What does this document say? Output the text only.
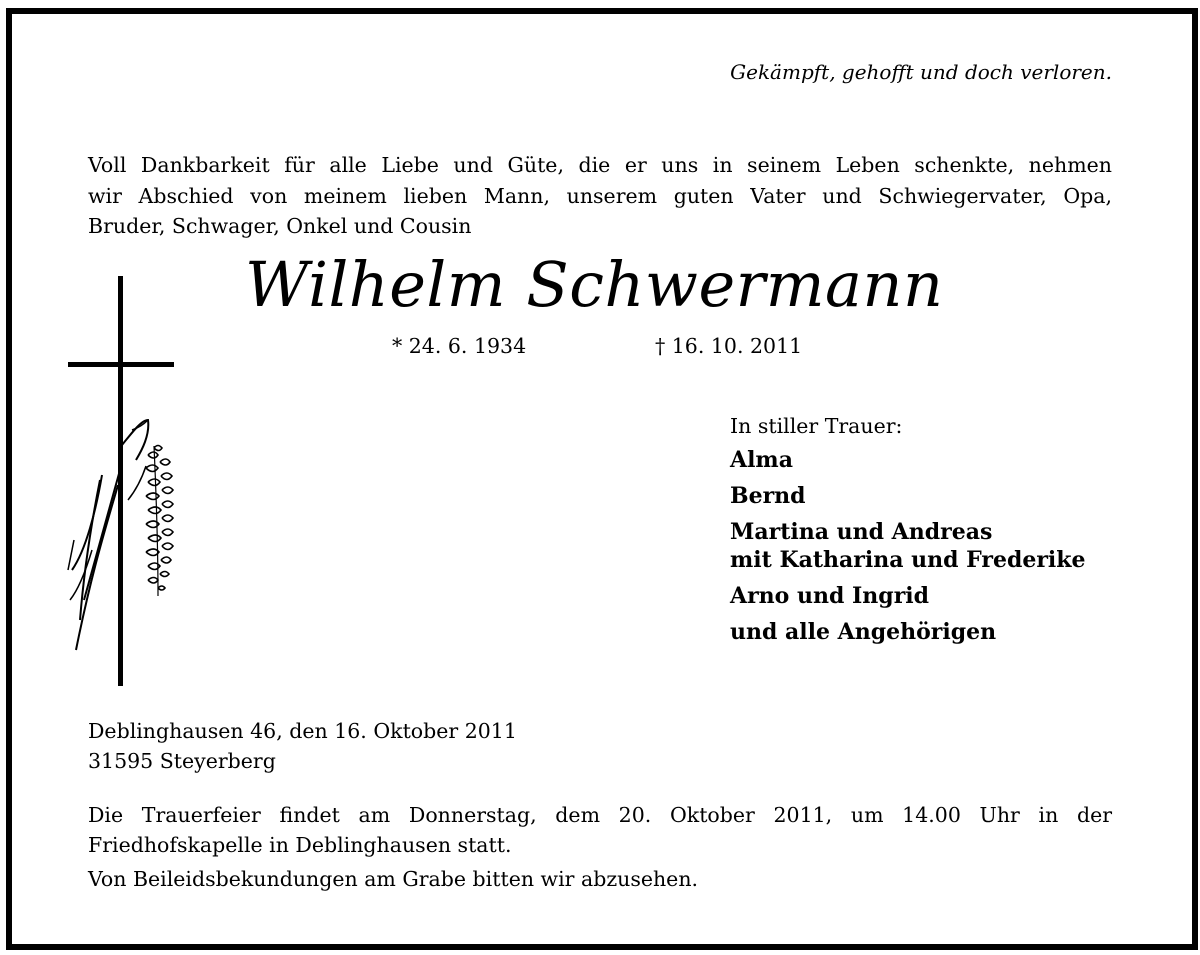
Gekämpft, gehofft und doch verloren.
Voll Dankbarkeit für alle Liebe und Güte, die er uns in seinem Leben schenkte, nehmen
wir Abschied von meinem lieben Mann, unserem guten Vater und Schwiegervater, Opa,
Bruder, Schwager, Onkel und Cousin
Wilhelm Schwermann
* 24. 6. 1934	† 16. 10. 2011
In stiller Trauer:
Alma
Bernd
Martina und Andreas
mit Katharina und Frederike
Arno und Ingrid
und alle Angehörigen
Deblinghausen 46, den 16. Oktober 2011
31595 Steyerberg
Die Trauerfeier findet am Donnerstag, dem 20. Oktober 2011, um 14.00 Uhr in der
Friedhofskapelle in Deblinghausen statt.
Von Beileidsbekundungen am Grabe bitten wir abzusehen.
